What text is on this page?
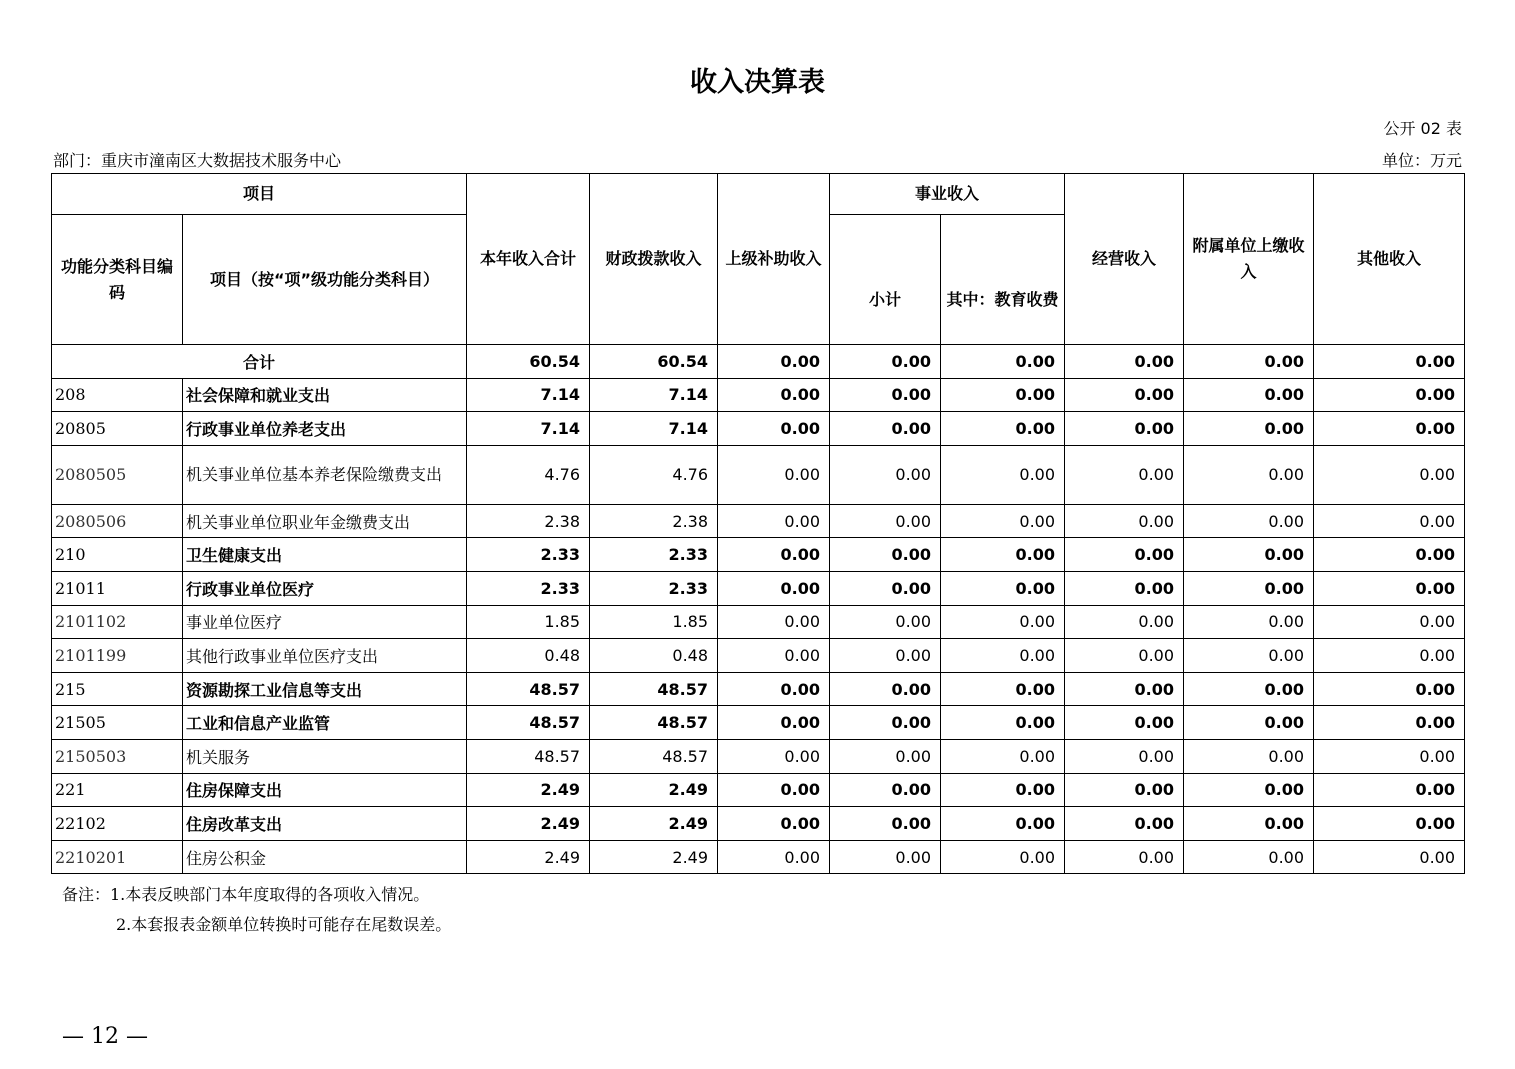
收入决算表
公开 02 表
部门：重庆市潼南区大数据技术服务中心	单位：万元
项目		本年收入合计	财政拨款收入	上级补助收入	事业收入		经营收入	附属单位上缴收入	其他收入
功能分类科目编码	项目（按“项”级功能分类科目）				小计	其中：教育收费			
合计		60.54	60.54	0.00	0.00	0.00	0.00	0.00	0.00
208	社会保障和就业支出	7.14	7.14	0.00	0.00	0.00	0.00	0.00	0.00
20805	行政事业单位养老支出	7.14	7.14	0.00	0.00	0.00	0.00	0.00	0.00
2080505	机关事业单位基本养老保险缴费支出	4.76	4.76	0.00	0.00	0.00	0.00	0.00	0.00
2080506	机关事业单位职业年金缴费支出	2.38	2.38	0.00	0.00	0.00	0.00	0.00	0.00
210	卫生健康支出	2.33	2.33	0.00	0.00	0.00	0.00	0.00	0.00
21011	行政事业单位医疗	2.33	2.33	0.00	0.00	0.00	0.00	0.00	0.00
2101102	事业单位医疗	1.85	1.85	0.00	0.00	0.00	0.00	0.00	0.00
2101199	其他行政事业单位医疗支出	0.48	0.48	0.00	0.00	0.00	0.00	0.00	0.00
215	资源勘探工业信息等支出	48.57	48.57	0.00	0.00	0.00	0.00	0.00	0.00
21505	工业和信息产业监管	48.57	48.57	0.00	0.00	0.00	0.00	0.00	0.00
2150503	机关服务	48.57	48.57	0.00	0.00	0.00	0.00	0.00	0.00
221	住房保障支出	2.49	2.49	0.00	0.00	0.00	0.00	0.00	0.00
22102	住房改革支出	2.49	2.49	0.00	0.00	0.00	0.00	0.00	0.00
2210201	住房公积金	2.49	2.49	0.00	0.00	0.00	0.00	0.00	0.00
备注：1.本表反映部门本年度取得的各项收入情况。
2.本套报表金额单位转换时可能存在尾数误差。
— 12 —
